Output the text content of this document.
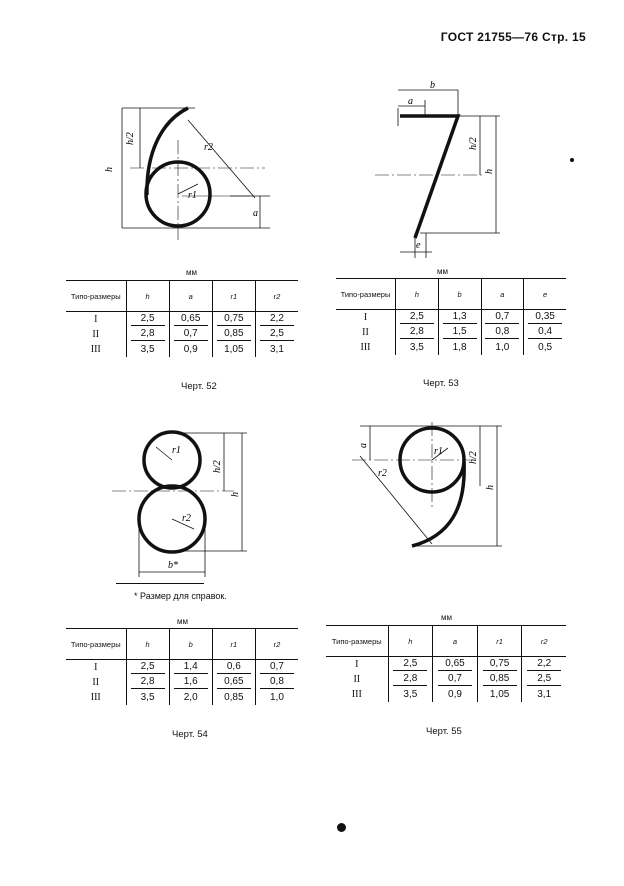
ГОСТ 21755—76 Стр. 15
h
h/2
r1
r2
a
b
a
h/2
h
e
r1
r2
h/2
h
b*
a
r1
r2
h/2
h
мм
Типо-размеры	h	a	r1	r2
I	2,5	0,65	0,75	2,2
II	2,8	0,7	0,85	2,5
III	3,5	0,9	1,05	3,1
Черт. 52
мм
Типо-размеры	h	b	a	e
I	2,5	1,3	0,7	0,35
II	2,8	1,5	0,8	0,4
III	3,5	1,8	1,0	0,5
Черт. 53
* Размер для справок.
мм
Типо-размеры	h	b	r1	r2
I	2,5	1,4	0,6	0,7
II	2,8	1,6	0,65	0,8
III	3,5	2,0	0,85	1,0
Черт. 54
мм
Типо-размеры	h	a	r1	r2
I	2,5	0,65	0,75	2,2
II	2,8	0,7	0,85	2,5
III	3,5	0,9	1,05	3,1
Черт. 55
